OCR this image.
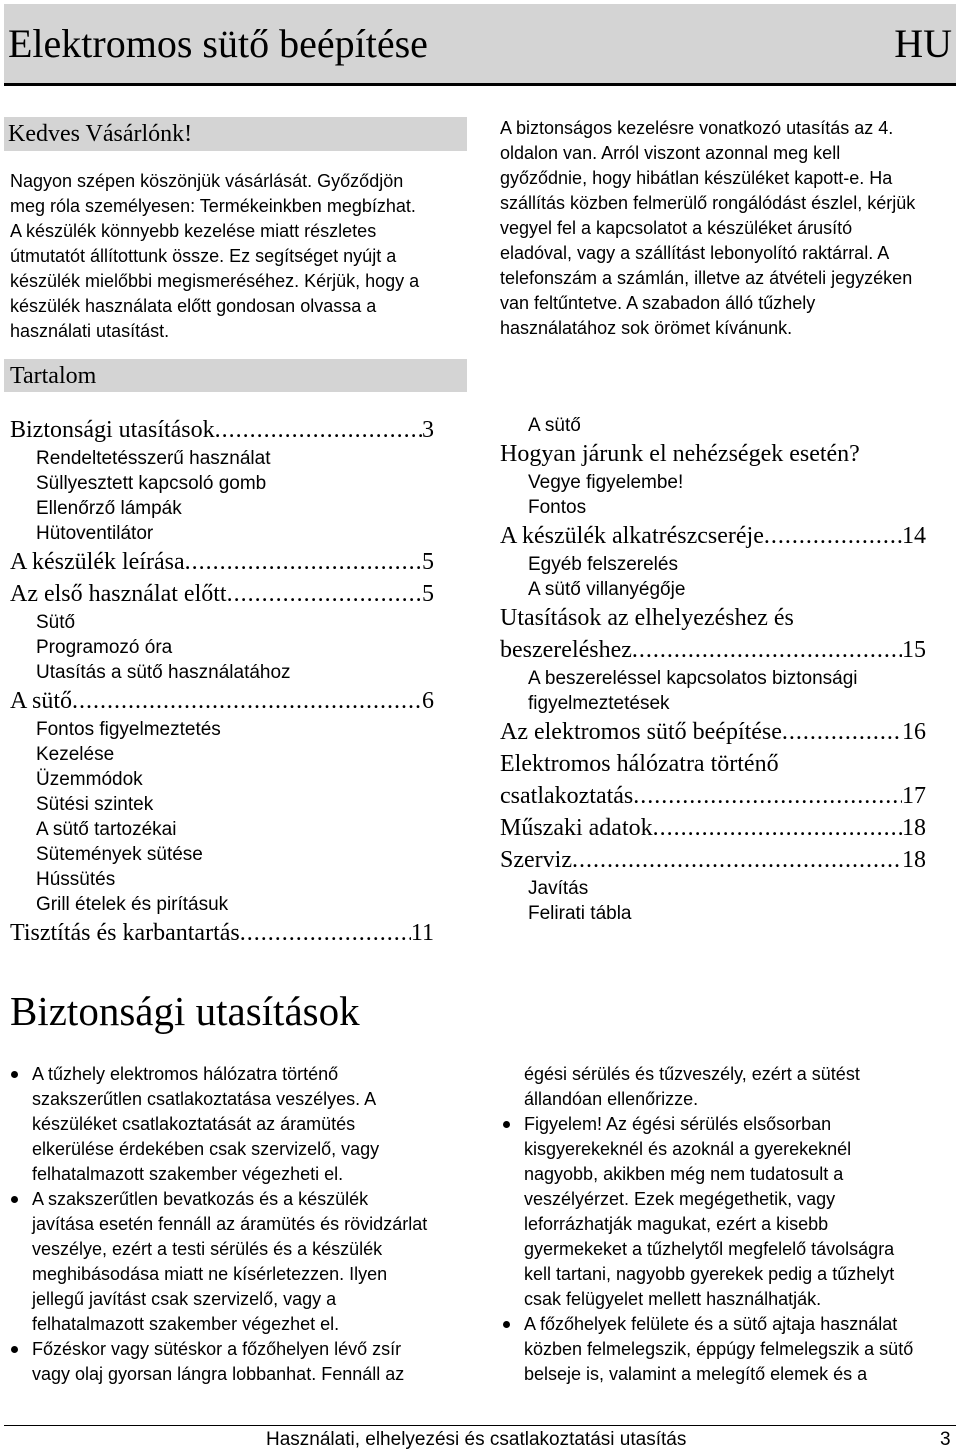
Elektromos sütő beépítése	HU
Kedves Vásárlónk!
Nagyon szépen köszönjük vásárlását. Győződjön
meg róla személyesen: Termékeinkben megbízhat.
A készülék könnyebb kezelése miatt részletes
útmutatót állítottunk össze. Ez segítséget nyújt a
készülék mielőbbi megismeréséhez. Kérjük, hogy a
készülék használata előtt gondosan olvassa a
használati utasítást.
A biztonságos kezelésre vonatkozó utasítás az 4.
oldalon van. Arról viszont azonnal meg kell
győződnie, hogy hibátlan készüléket kapott-e. Ha
szállítás közben felmerülő rongálódást észlel, kérjük
vegyel fel a kapcsolatot a készüléket árusító
eladóval, vagy a szállítást lebonyolító raktárral. A
telefonszám a számlán, illetve az átvételi jegyzéken
van feltűntetve. A szabadon álló tűzhely
használatához sok örömet kívánunk.
Tartalom
Biztonsági utasítások .....	3
Rendeltetésszerű használat
Süllyesztett kapcsoló gomb
Ellenőrző lámpák
Hütoventilátor
A készülék leírása .....	5
Az első használat előtt .....	5
Sütő
Programozó óra
Utasítás a sütő használatához
A sütő .....	6
Fontos figyelmeztetés
Kezelése
Üzemmódok
Sütési szintek
A sütő tartozékai
Sütemények sütése
Hússütés
Grill ételek és pirításuk
Tisztítás és karbantartás .....	11
A sütő
Hogyan járunk el nehézségek esetén?
Vegye figyelembe!
Fontos
A készülék alkatrészcseréje .....	14
Egyéb felszerelés
A sütő villanyégője
Utasítások az elhelyezéshez és
beszereléshez .....	15
A beszereléssel kapcsolatos biztonsági
figyelmeztetések
Az elektromos sütő beépítése .....	16
Elektromos hálózatra történő
csatlakoztatás .....	17
Műszaki adatok .....	18
Szerviz .....	18
Javítás
Felirati tábla
Biztonsági utasítások
A tűzhely elektromos hálózatra történő
szakszerűtlen csatlakoztatása veszélyes. A
készüléket csatlakoztatását az áramütés
elkerülése érdekében csak szervizelő, vagy
felhatalmazott szakember végezheti el.
A szakszerűtlen bevatkozás és a készülék
javítása esetén fennáll az áramütés és rövidzárlat
veszélye, ezért a testi sérülés és a készülék
meghibásodása miatt ne kísérletezzen. Ilyen
jellegű javítást csak szervizelő, vagy a
felhatalmazott szakember végezhet el.
Főzéskor vagy sütéskor a főzőhelyen lévő zsír
vagy olaj gyorsan lángra lobbanhat. Fennáll az
égési sérülés és tűzveszély, ezért a sütést
állandóan ellenőrizze.
Figyelem! Az égési sérülés elsősorban
kisgyerekeknél és azoknál a gyerekeknél
nagyobb, akikben még nem tudatosult a
veszélyérzet. Ezek megégethetik, vagy
leforrázhatják magukat, ezért a kisebb
gyermekeket a tűzhelytől megfelelő távolságra
kell tartani, nagyobb gyerekek pedig a tűzhelyt
csak felügyelet mellett használhatják.
A főzőhelyek felülete és a sütő ajtaja használat
közben felmelegszik, éppúgy felmelegszik a sütő
belseje is, valamint a melegítő elemek és a
Használati, elhelyezési és csatlakoztatási utasítás	3
